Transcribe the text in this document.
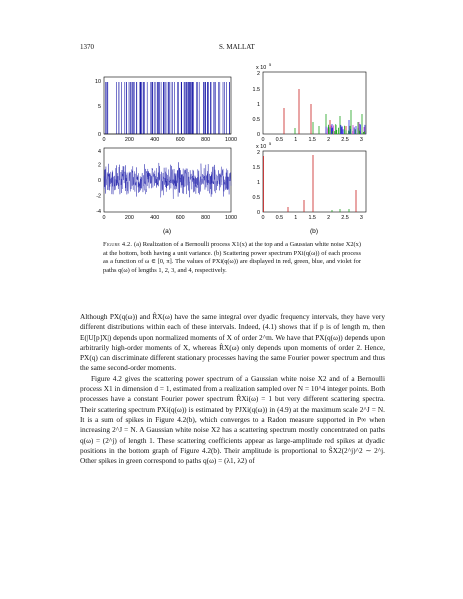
1370	S. MALLAT
10
5
0
0	200	400	600	800	1000
4
2
0
-2
-4
0	200	400	600	800	1000
x 10
5
2
1.5
1
0.5
0
0 0.5 1 1.5 2 2.5 3
x 10
5
2
1.5
1
0.5
0
0 0.5 1 1.5 2 2.5 3
(a)	(b)
Figure 4.2. (a) Realization of a Bernoulli process X1(x) at the top and a Gaussian white noise X2(x) at the bottom, both having a unit variance. (b) Scattering power spectrum PXi(q(ω)) of each process as a function of ω ∈ [0, π]. The values of PXi(q(ω)) are displayed in red, green, blue, and violet for paths q(ω) of lengths 1, 2, 3, and 4, respectively.

Although PX(q(ω)) and R̂X(ω) have the same integral over dyadic frequency intervals, they have very different distributions within each of these intervals. Indeed, (4.1) shows that if p is of length m, then E(|U[p]X|) depends upon normalized moments of X of order 2^m. We have that PX(q(ω)) depends upon arbitrarily high-order moments of X, whereas R̂X(ω) only depends upon moments of order 2. Hence, PX(q) can discriminate different stationary processes having the same Fourier power spectrum and thus the same second-order moments.

Figure 4.2 gives the scattering power spectrum of a Gaussian white noise X2 and of a Bernoulli process X1 in dimension d = 1, estimated from a realization sampled over N = 10^4 integer points. Both processes have a constant Fourier power spectrum R̂Xi(ω) = 1 but very different scattering spectra. Their scattering spectrum PXi(q(ω)) is estimated by PJXi(q(ω)) in (4.9) at the maximum scale 2^J = N. It is a sum of spikes in Figure 4.2(b), which converges to a Radon measure supported in P∞ when increasing 2^J = N. A Gaussian white noise X2 has a scattering spectrum mostly concentrated on paths q(ω) = (2^j) of length 1. These scattering coefficients appear as large-amplitude red spikes at dyadic positions in the bottom graph of Figure 4.2(b). Their amplitude is proportional to S̃X2(2^j)^2 ∼ 2^j. Other spikes in green correspond to paths q(ω) = (λ1, λ2) of
